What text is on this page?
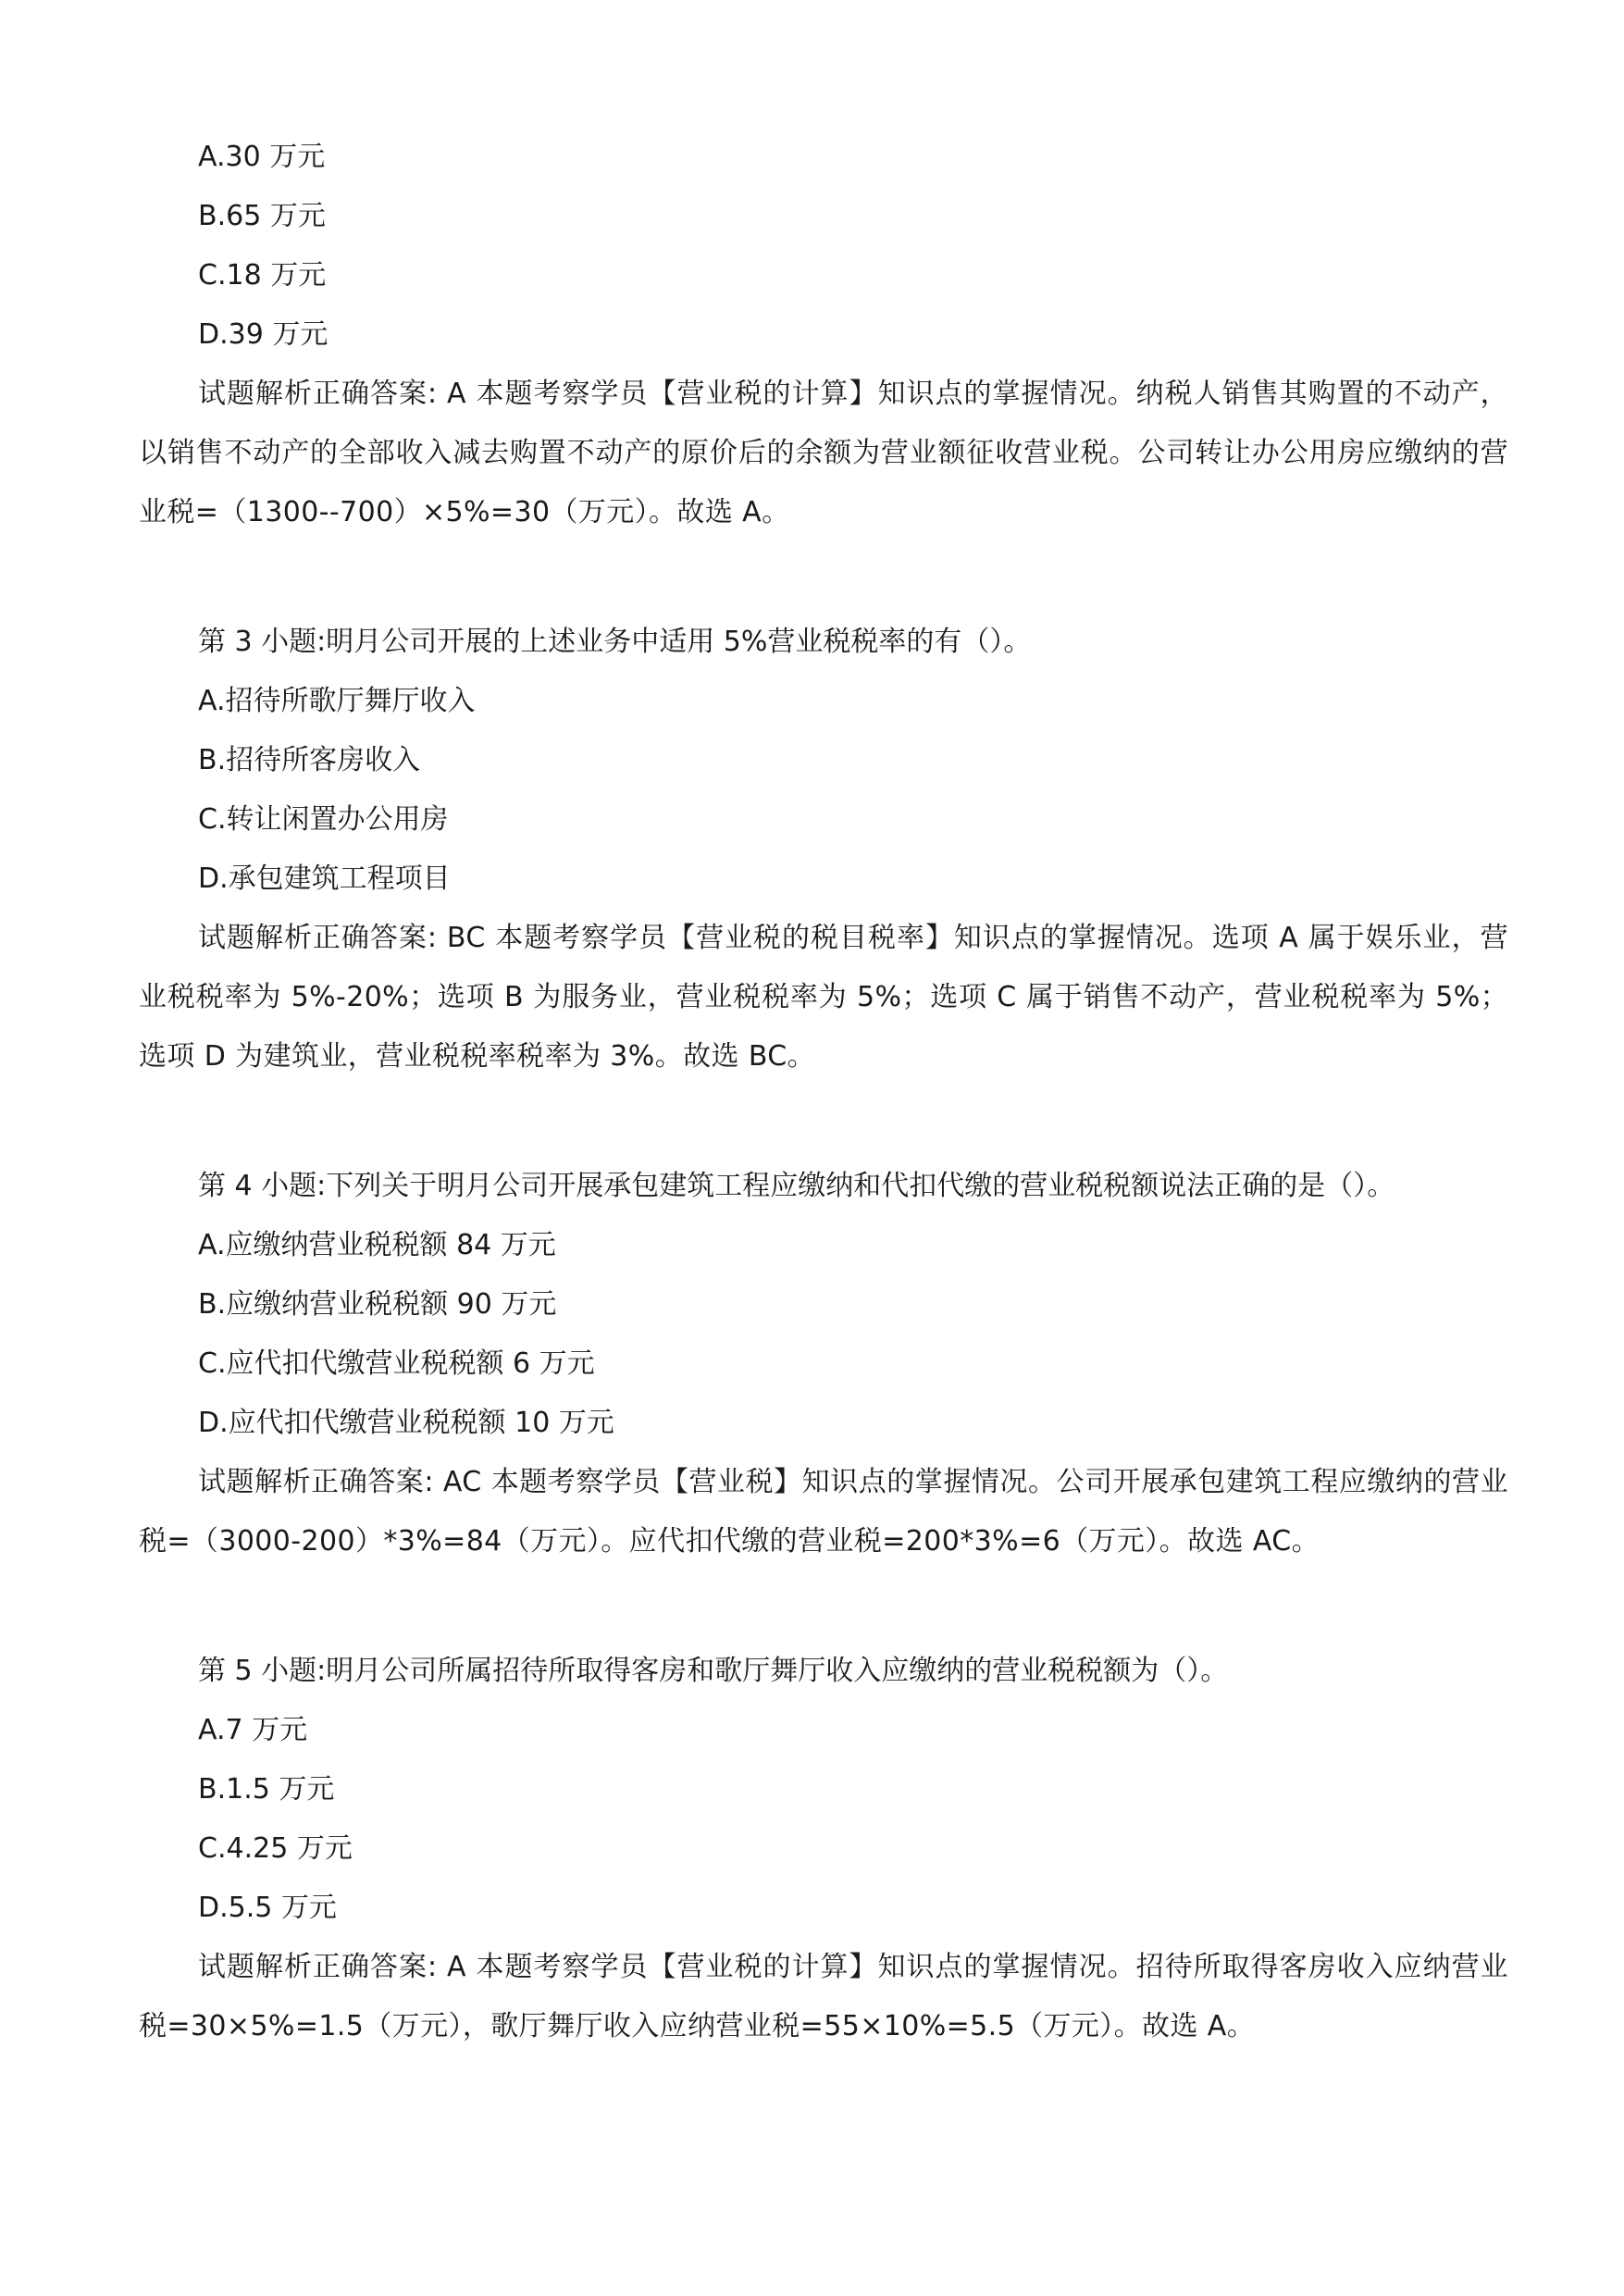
A.30 万元
B.65 万元
C.18 万元
D.39 万元

试题解析正确答案: A 本题考察学员【营业税的计算】知识点的掌握情况。纳税人销售其购置的不动产，以销售不动产的全部收入减去购置不动产的原价后的余额为营业额征收营业税。公司转让办公用房应缴纳的营业税=（1300--700）×5%=30（万元）。故选 A。

第 3 小题:明月公司开展的上述业务中适用 5%营业税税率的有（）。
A.招待所歌厅舞厅收入
B.招待所客房收入
C.转让闲置办公用房
D.承包建筑工程项目

试题解析正确答案: BC 本题考察学员【营业税的税目税率】知识点的掌握情况。选项 A 属于娱乐业，营业税税率为 5%-20%；选项 B 为服务业，营业税税率为 5%；选项 C 属于销售不动产，营业税税率为 5%；选项 D 为建筑业，营业税税率税率为 3%。故选 BC。

第 4 小题:下列关于明月公司开展承包建筑工程应缴纳和代扣代缴的营业税税额说法正确的是（）。
A.应缴纳营业税税额 84 万元
B.应缴纳营业税税额 90 万元
C.应代扣代缴营业税税额 6 万元
D.应代扣代缴营业税税额 10 万元

试题解析正确答案: AC 本题考察学员【营业税】知识点的掌握情况。公司开展承包建筑工程应缴纳的营业税=（3000-200）*3%=84（万元）。应代扣代缴的营业税=200*3%=6（万元）。故选 AC。

第 5 小题:明月公司所属招待所取得客房和歌厅舞厅收入应缴纳的营业税税额为（）。
A.7 万元
B.1.5 万元
C.4.25 万元
D.5.5 万元

试题解析正确答案: A 本题考察学员【营业税的计算】知识点的掌握情况。招待所取得客房收入应纳营业税=30×5%=1.5（万元），歌厅舞厅收入应纳营业税=55×10%=5.5（万元）。故选 A。
